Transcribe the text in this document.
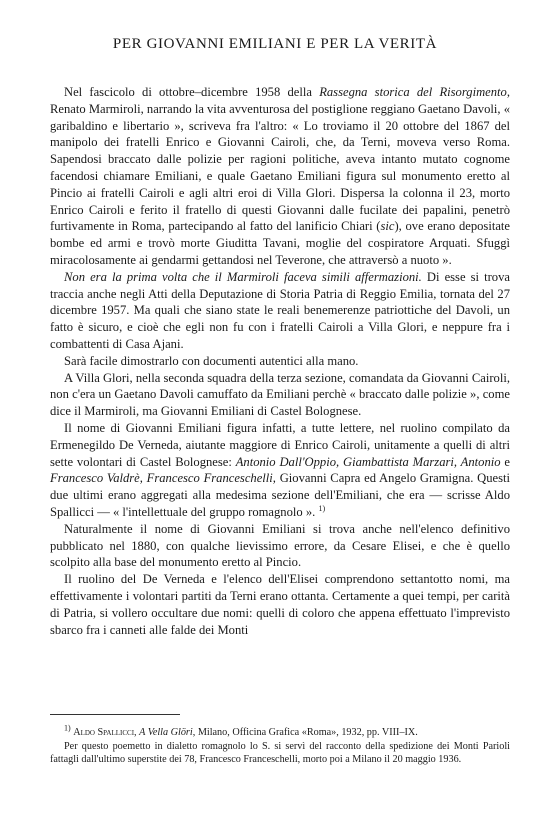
PER GIOVANNI EMILIANI E PER LA VERITÀ

Nel fascicolo di ottobre–dicembre 1958 della Rassegna storica del Risorgimento, Renato Marmiroli, narrando la vita avventurosa del postiglione reggiano Gaetano Davoli, « garibaldino e libertario », scriveva fra l'altro: « Lo troviamo il 20 ottobre del 1867 del manipolo dei fratelli Enrico e Giovanni Cairoli, che, da Terni, moveva verso Roma. Sapendosi braccato dalle polizie per ragioni politiche, aveva intanto mutato cognome facendosi chiamare Emiliani, e quale Gaetano Emiliani figura sul monumento eretto al Pincio ai fratelli Cairoli e agli altri eroi di Villa Glori. Dispersa la colonna il 23, morto Enrico Cairoli e ferito il fratello di questi Giovanni dalle fucilate dei papalini, penetrò furtivamente in Roma, partecipando al fatto del lanificio Chiari (sic), ove erano depositate bombe ed armi e trovò morte Giuditta Tavani, moglie del cospiratore Arquati. Sfuggì miracolosamente ai gendarmi gettandosi nel Teverone, che attraversò a nuoto ».

Non era la prima volta che il Marmiroli faceva simili affermazioni. Di esse si trova traccia anche negli Atti della Deputazione di Storia Patria di Reggio Emilia, tornata del 27 dicembre 1957. Ma quali che siano state le reali benemerenze patriottiche del Davoli, un fatto è sicuro, e cioè che egli non fu con i fratelli Cairoli a Villa Glori, e neppure fra i combattenti di Casa Ajani.

Sarà facile dimostrarlo con documenti autentici alla mano.

A Villa Glori, nella seconda squadra della terza sezione, comandata da Giovanni Cairoli, non c'era un Gaetano Davoli camuffato da Emiliani perchè « braccato dalle polizie », come dice il Marmiroli, ma Giovanni Emiliani di Castel Bolognese.

Il nome di Giovanni Emiliani figura infatti, a tutte lettere, nel ruolino compilato da Ermenegildo De Verneda, aiutante maggiore di Enrico Cairoli, unitamente a quelli di altri sette volontari di Castel Bolognese: Antonio Dall'Oppio, Giambattista Marzari, Antonio e Francesco Valdrè, Francesco Franceschelli, Giovanni Capra ed Angelo Gramigna. Questi due ultimi erano aggregati alla medesima sezione dell'Emiliani, che era — scrisse Aldo Spallicci — « l'intellettuale del gruppo romagnolo ». $^{1)}$

Naturalmente il nome di Giovanni Emiliani si trova anche nell'elenco definitivo pubblicato nel 1880, con qualche lievissimo errore, da Cesare Elisei, e che è quello scolpito alla base del monumento eretto al Pincio.

Il ruolino del De Verneda e l'elenco dell'Elisei comprendono settantotto nomi, ma effettivamente i volontari partiti da Terni erano ottanta. Certamente a quei tempi, per carità di Patria, si vollero occultare due nomi: quelli di coloro che appena effettuato l'imprevisto sbarco fra i canneti alle falde dei Monti

$^{1)}$ Aldo Spallicci, A Vella Glöri, Milano, Officina Grafica «Roma», 1932, pp. VIII–IX.

Per questo poemetto in dialetto romagnolo lo S. si servì del racconto della spedizione dei Monti Parioli fattagli dall'ultimo superstite dei 78, Francesco Franceschelli, morto poi a Milano il 20 maggio 1936.
